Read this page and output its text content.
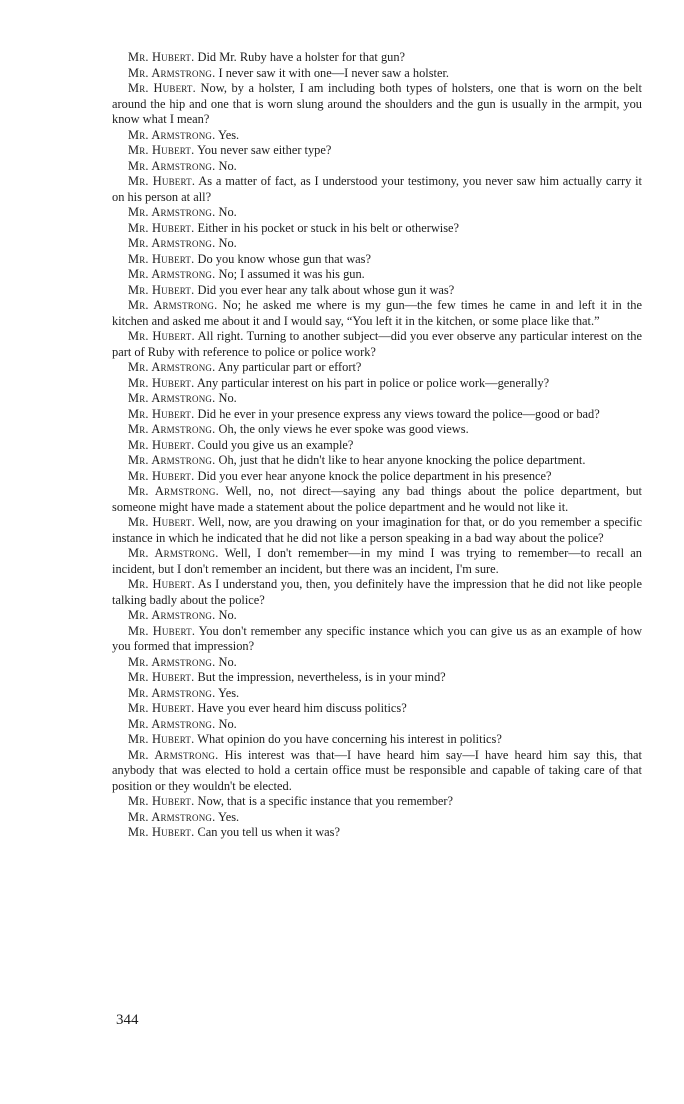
Mr. Hubert. Did Mr. Ruby have a holster for that gun?

Mr. Armstrong. I never saw it with one—I never saw a holster.

Mr. Hubert. Now, by a holster, I am including both types of holsters, one that is worn on the belt around the hip and one that is worn slung around the shoulders and the gun is usually in the armpit, you know what I mean?

Mr. Armstrong. Yes.

Mr. Hubert. You never saw either type?

Mr. Armstrong. No.

Mr. Hubert. As a matter of fact, as I understood your testimony, you never saw him actually carry it on his person at all?

Mr. Armstrong. No.

Mr. Hubert. Either in his pocket or stuck in his belt or otherwise?

Mr. Armstrong. No.

Mr. Hubert. Do you know whose gun that was?

Mr. Armstrong. No; I assumed it was his gun.

Mr. Hubert. Did you ever hear any talk about whose gun it was?

Mr. Armstrong. No; he asked me where is my gun—the few times he came in and left it in the kitchen and asked me about it and I would say, “You left it in the kitchen, or some place like that.”

Mr. Hubert. All right. Turning to another subject—did you ever observe any particular interest on the part of Ruby with reference to police or police work?

Mr. Armstrong. Any particular part or effort?

Mr. Hubert. Any particular interest on his part in police or police work—generally?

Mr. Armstrong. No.

Mr. Hubert. Did he ever in your presence express any views toward the police—good or bad?

Mr. Armstrong. Oh, the only views he ever spoke was good views.

Mr. Hubert. Could you give us an example?

Mr. Armstrong. Oh, just that he didn't like to hear anyone knocking the police department.

Mr. Hubert. Did you ever hear anyone knock the police department in his presence?

Mr. Armstrong. Well, no, not direct—saying any bad things about the police department, but someone might have made a statement about the police department and he would not like it.

Mr. Hubert. Well, now, are you drawing on your imagination for that, or do you remember a specific instance in which he indicated that he did not like a person speaking in a bad way about the police?

Mr. Armstrong. Well, I don't remember—in my mind I was trying to remember—to recall an incident, but I don't remember an incident, but there was an incident, I'm sure.

Mr. Hubert. As I understand you, then, you definitely have the impression that he did not like people talking badly about the police?

Mr. Armstrong. No.

Mr. Hubert. You don't remember any specific instance which you can give us as an example of how you formed that impression?

Mr. Armstrong. No.

Mr. Hubert. But the impression, nevertheless, is in your mind?

Mr. Armstrong. Yes.

Mr. Hubert. Have you ever heard him discuss politics?

Mr. Armstrong. No.

Mr. Hubert. What opinion do you have concerning his interest in politics?

Mr. Armstrong. His interest was that—I have heard him say—I have heard him say this, that anybody that was elected to hold a certain office must be responsible and capable of taking care of that position or they wouldn't be elected.

Mr. Hubert. Now, that is a specific instance that you remember?

Mr. Armstrong. Yes.

Mr. Hubert. Can you tell us when it was?

344
